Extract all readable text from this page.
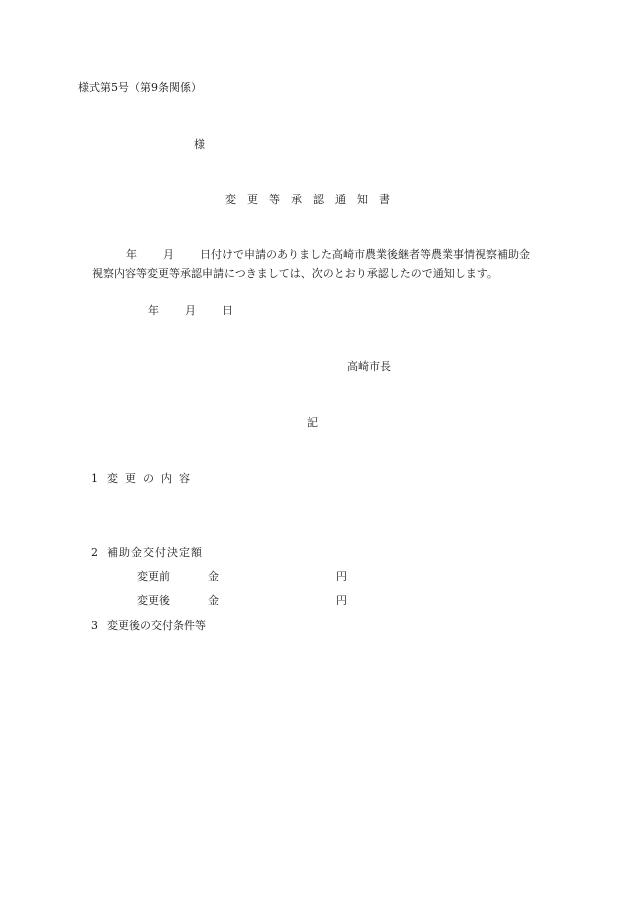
様式第5号（第9条関係）
様
変更等承認通知書
年 月 日付けで申請のありました高崎市農業後継者等農業事情視察補助金
視察内容等変更等承認申請につきましては、次のとおり承認したので通知します。
年 月 日
高崎市長
記
1 変更の内容
2 補助金交付決定額
変更前	金	円
変更後	金	円
3 変更後の交付条件等
